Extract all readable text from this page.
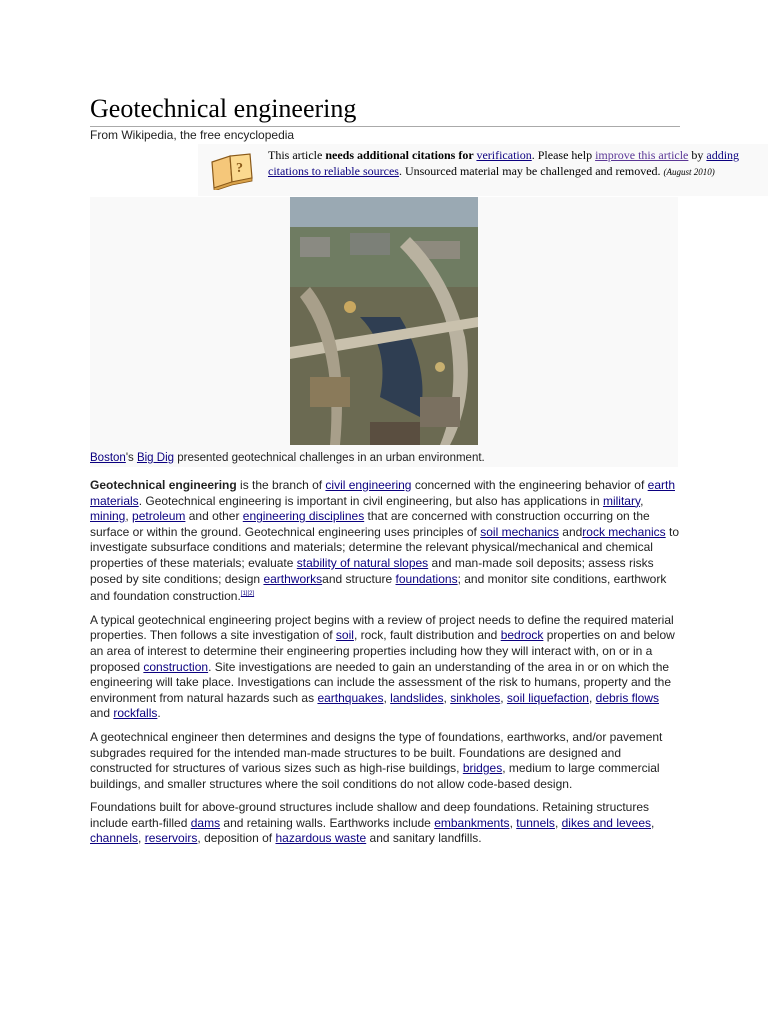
Geotechnical engineering
From Wikipedia, the free encyclopedia
?
This article needs additional citations for verification. Please help improve this article by adding citations to reliable sources. Unsourced material may be challenged and removed. (August 2010)
Boston's Big Dig presented geotechnical challenges in an urban environment.

Geotechnical engineering is the branch of civil engineering concerned with the engineering behavior of earth materials. Geotechnical engineering is important in civil engineering, but also has applications in military, mining, petroleum and other engineering disciplines that are concerned with construction occurring on the surface or within the ground. Geotechnical engineering uses principles of soil mechanics androck mechanics to investigate subsurface conditions and materials; determine the relevant physical/mechanical and chemical properties of these materials; evaluate stability of natural slopes and man-made soil deposits; assess risks posed by site conditions; design earthworksand structure foundations; and monitor site conditions, earthwork and foundation construction.[1][2]

A typical geotechnical engineering project begins with a review of project needs to define the required material properties. Then follows a site investigation of soil, rock, fault distribution and bedrock properties on and below an area of interest to determine their engineering properties including how they will interact with, on or in a proposed construction. Site investigations are needed to gain an understanding of the area in or on which the engineering will take place. Investigations can include the assessment of the risk to humans, property and the environment from natural hazards such as earthquakes, landslides, sinkholes, soil liquefaction, debris flows and rockfalls.

A geotechnical engineer then determines and designs the type of foundations, earthworks, and/or pavement subgrades required for the intended man-made structures to be built. Foundations are designed and constructed for structures of various sizes such as high-rise buildings, bridges, medium to large commercial buildings, and smaller structures where the soil conditions do not allow code-based design.

Foundations built for above-ground structures include shallow and deep foundations. Retaining structures include earth-filled dams and retaining walls. Earthworks include embankments, tunnels, dikes and levees, channels, reservoirs, deposition of hazardous waste and sanitary landfills.
